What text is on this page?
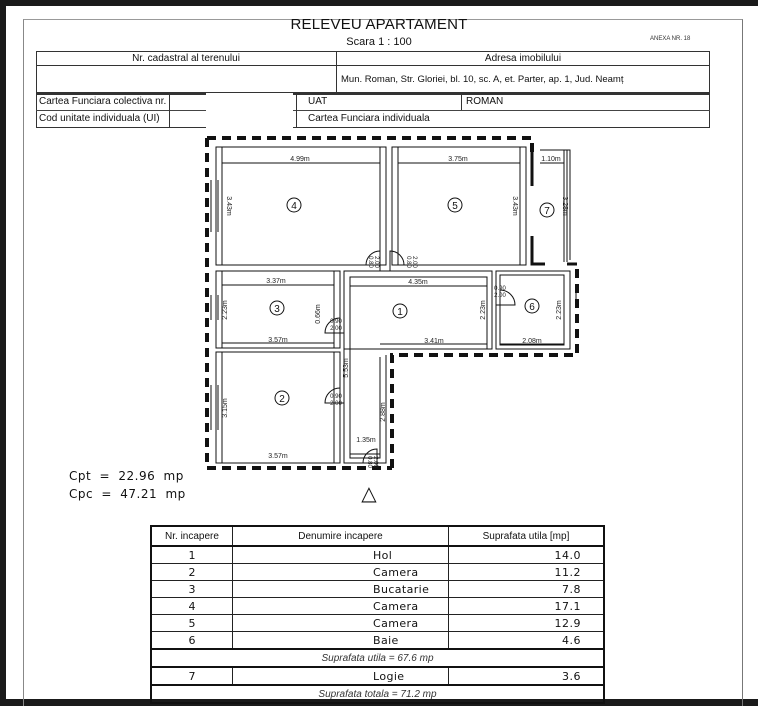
RELEVEU APARTAMENT
Scara 1 : 100	ANEXA NR. 18
Nr. cadastral al terenului	Adresa imobilului
Mun. Roman, Str. Gloriei, bl. 10, sc. A, et. Parter, ap. 1, Jud. Neamț
Cartea Funciara colectiva nr.	UAT	ROMAN
Cod unitate individuala (UI)	Cartea Funciara individuala
4	5	7
3	1	6
2
4.99m	3.75m	1.10m
3.37m
3.57m
4.35m
3.41m	2.08m
3.57m
1.35m
3.43m	3.43m	3.28m
2.23m	0.66m	2.23m	2.23m
3.15m
5.53m
2.88m
0.90
2.00
0.90
2.00
0.90
2.00
0.80 2.00	0.80 2.00
0.80 2.00
△
Cpt = 22.96 mp
Cpc = 47.21 mp
Nr. incapere	Denumire incapere	Suprafata utila [mp]
1	Hol	14.0
2	Camera	11.2
3	Bucatarie	7.8
4	Camera	17.1
5	Camera	12.9
6	Baie	4.6
Suprafata utila = 67.6 mp		
7	Logie	3.6
Suprafata totala = 71.2 mp		
